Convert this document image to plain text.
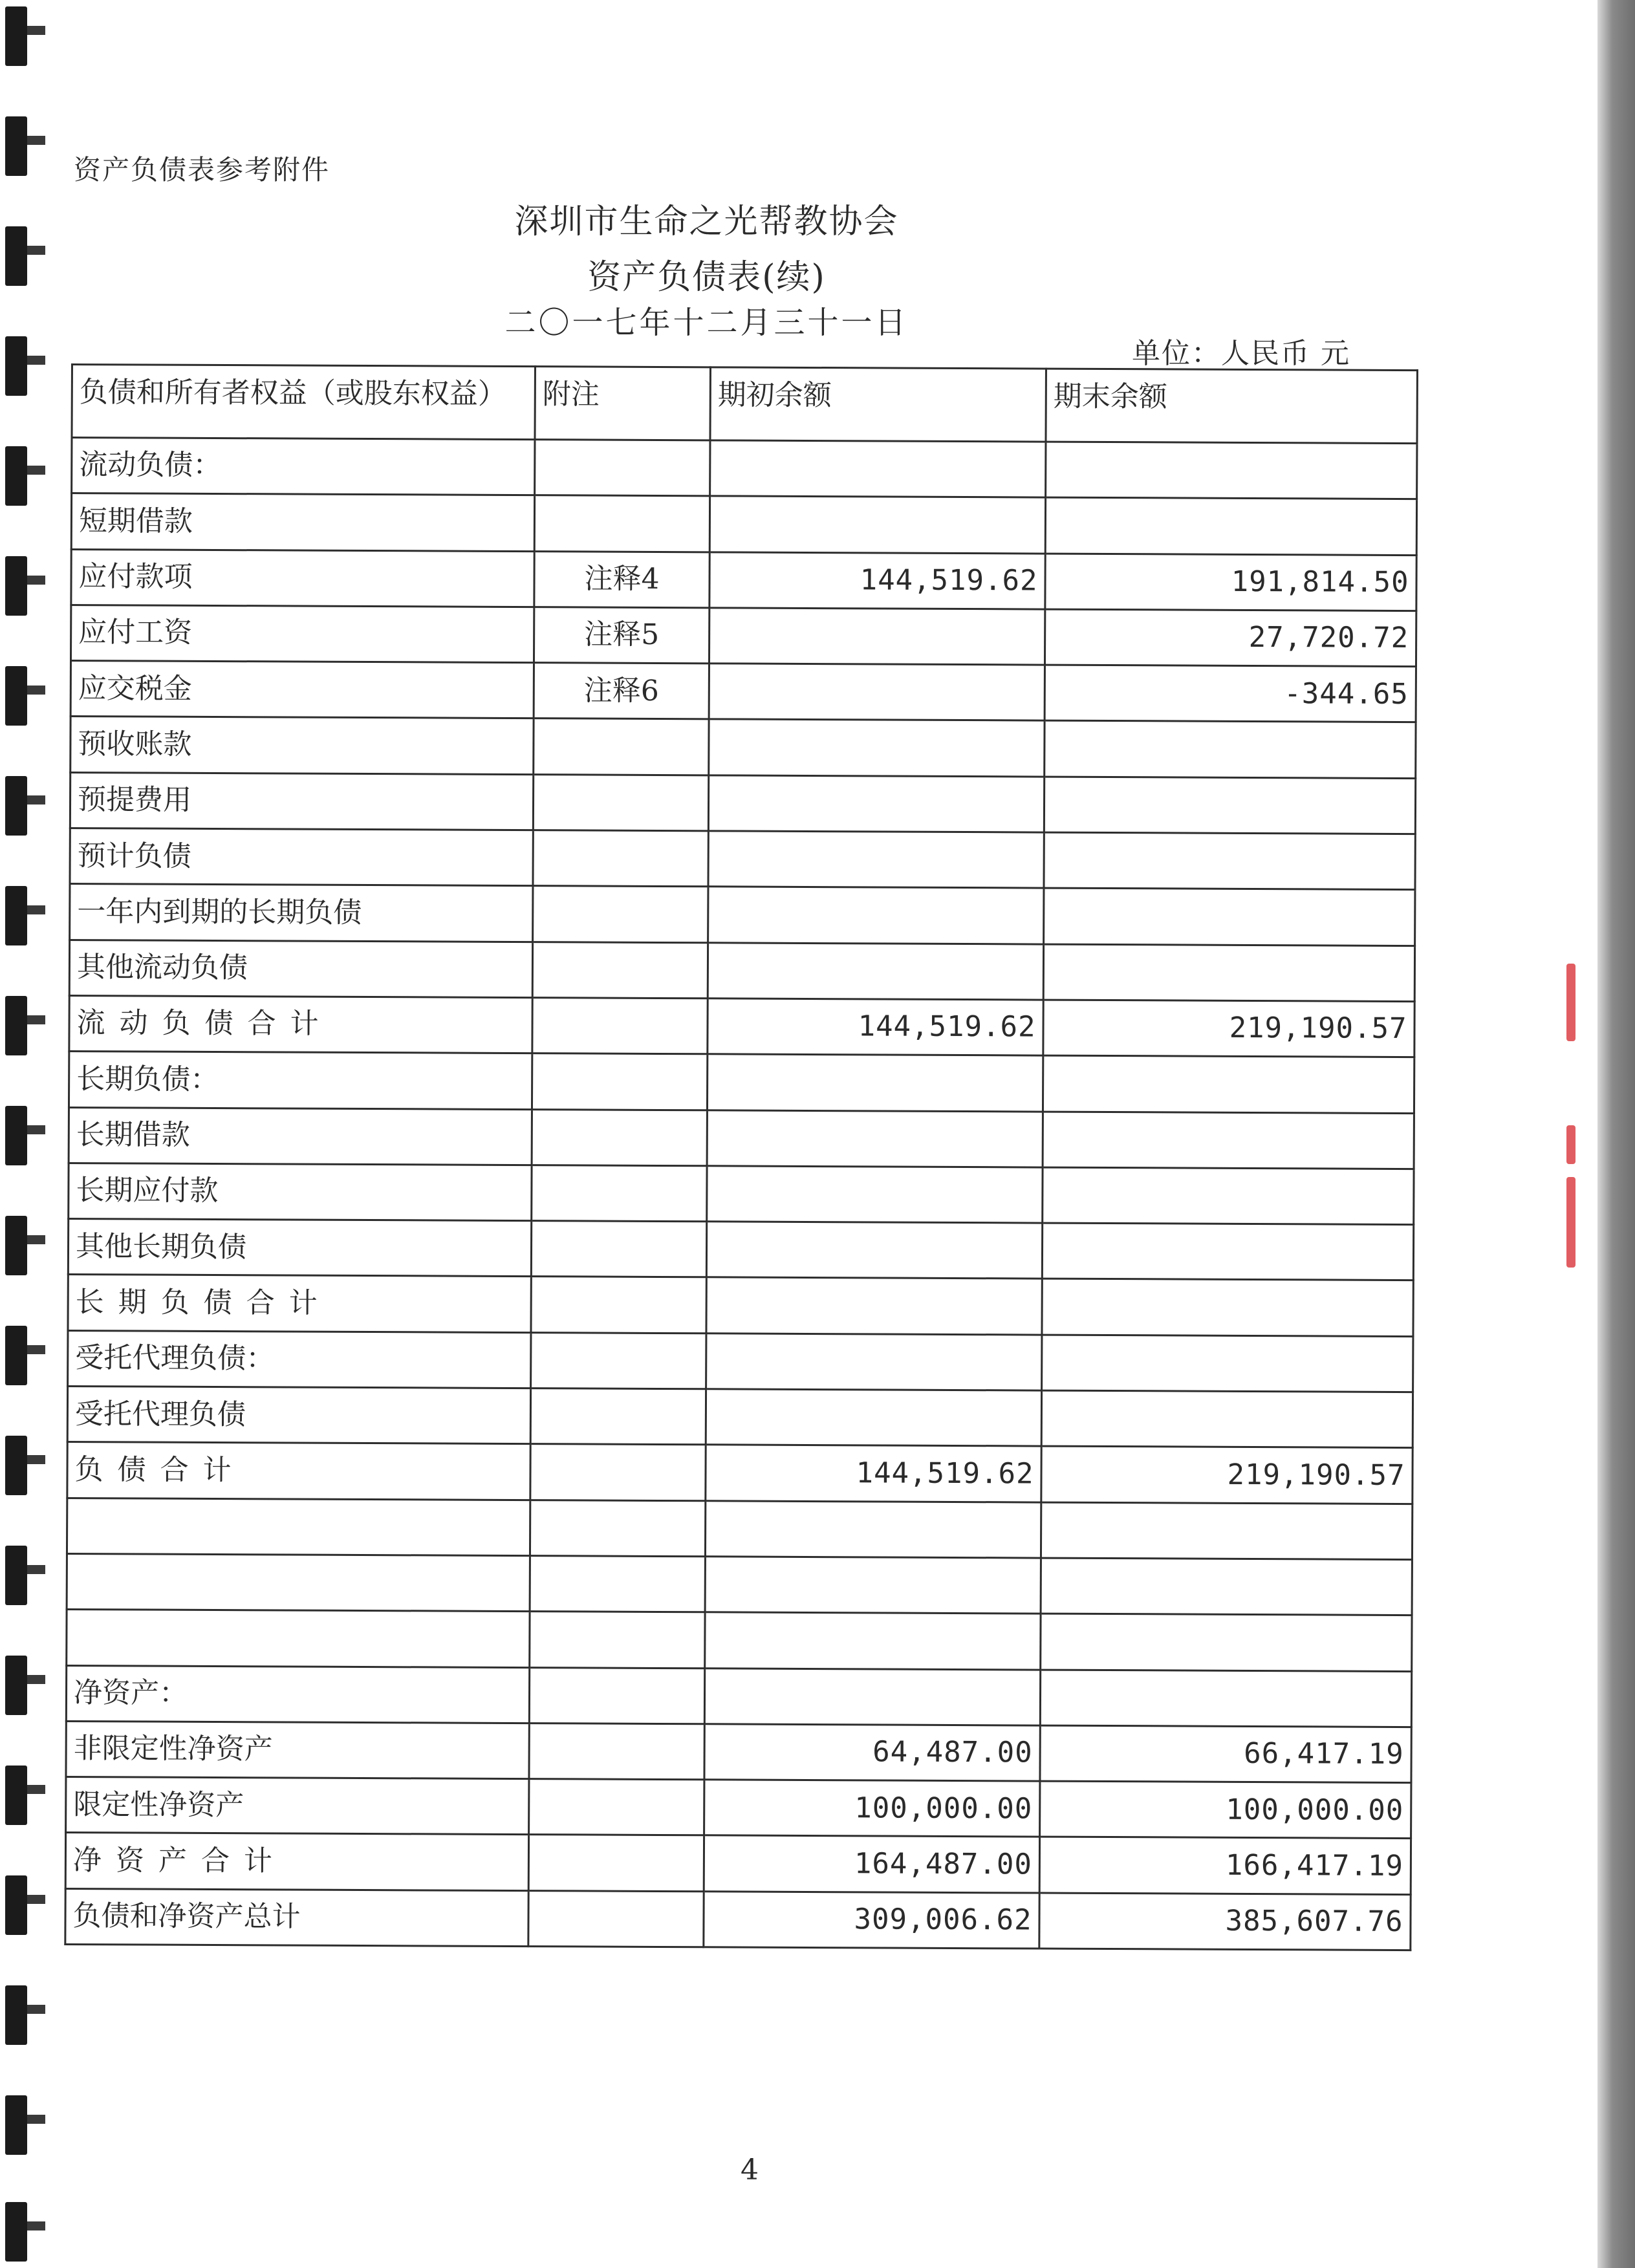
资产负债表参考附件
深圳市生命之光帮教协会
资产负债表(续)
二〇一七年十二月三十一日
单位：人民币 元
负债和所有者权益（或股东权益）	附注	期初余额	期末余额
流动负债：			
短期借款			
应付款项	注释4	144,519.62	191,814.50
应付工资	注释5		27,720.72
应交税金	注释6		-344.65
预收账款			
预提费用			
预计负债			
一年内到期的长期负债			
其他流动负债			
流动负债合计		144,519.62	219,190.57
长期负债：			
长期借款			
长期应付款			
其他长期负债			
长期负债合计			
受托代理负债：			
受托代理负债			
负债合计		144,519.62	219,190.57

净资产：			
非限定性净资产		64,487.00	66,417.19
限定性净资产		100,000.00	100,000.00
净资产合计		164,487.00	166,417.19
负债和净资产总计		309,006.62	385,607.76
4
